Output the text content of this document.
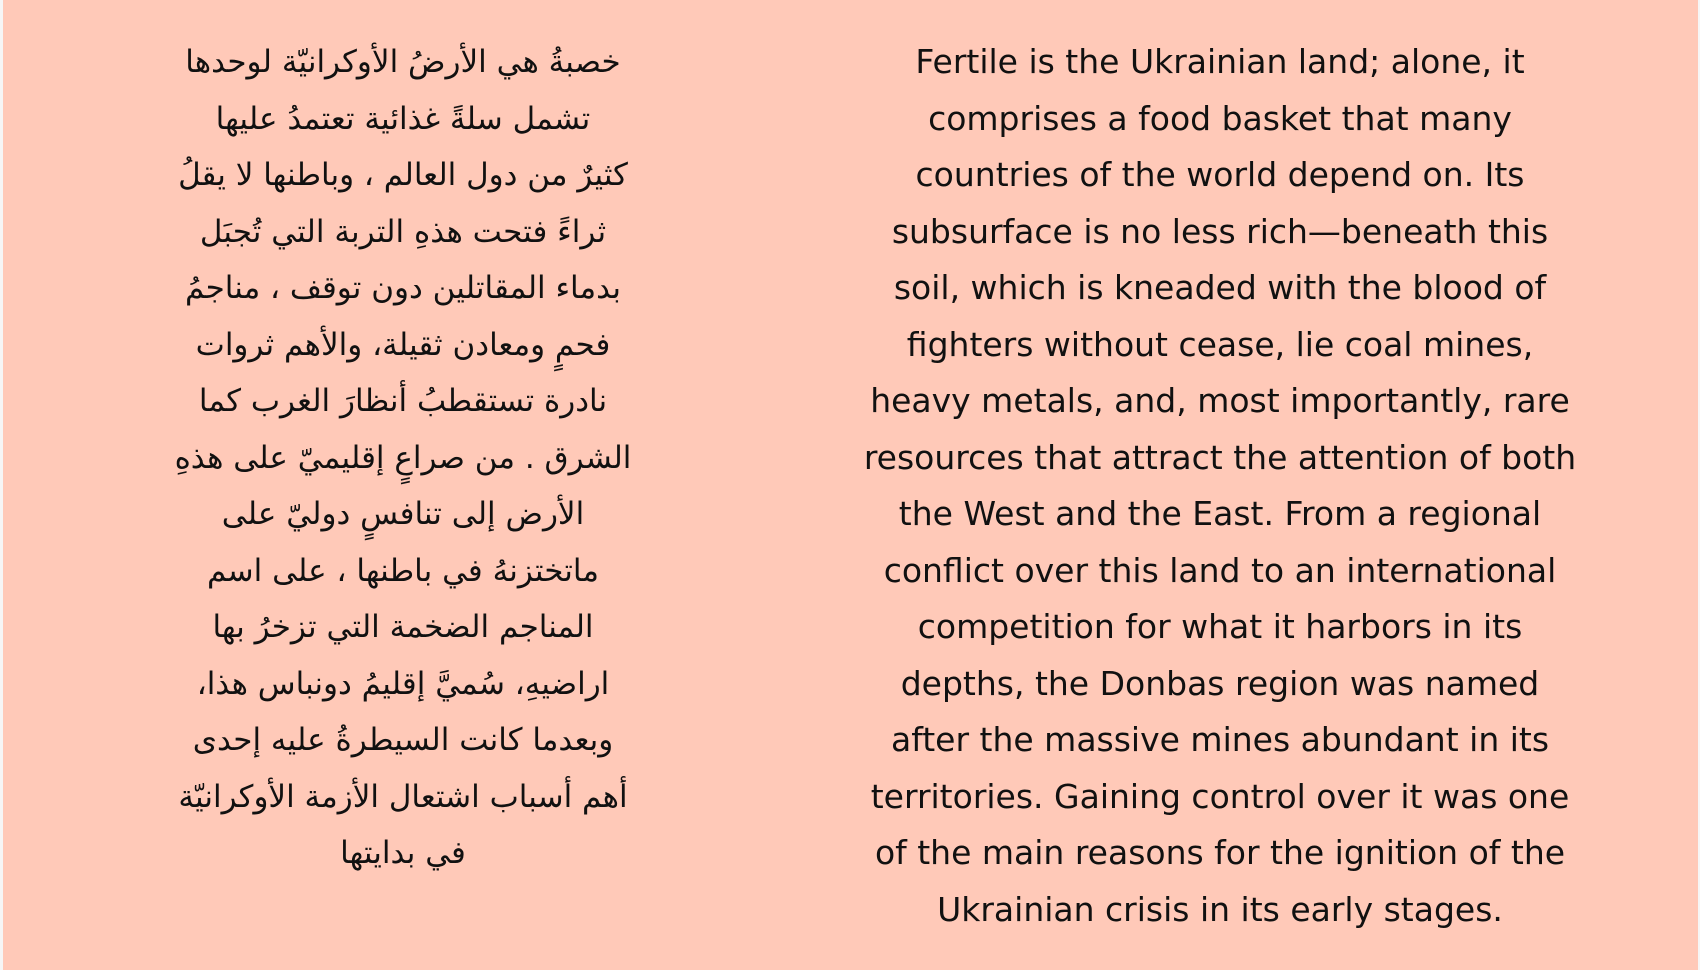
خصبةُ هي الأرضُ الأوكرانيّة لوحدها
تشمل سلةً غذائية تعتمدُ عليها
كثيرٌ من دول العالم ، وباطنها لا يقلُ
ثراءً فتحت هذهِ التربة التي تُجبَل
بدماء المقاتلين دون توقف ، مناجمُ
فحمٍ ومعادن ثقيلة، والأهم ثروات
نادرة تستقطبُ أنظارَ الغرب كما
الشرق . من صراعٍ إقليميّ على هذهِ
الأرض إلى تنافسٍ دوليّ على
ماتختزنهُ في باطنها ، على اسم
المناجم الضخمة التي تزخرُ بها
اراضيهِ، سُميَّ إقليمُ دونباس هذا،
وبعدما كانت السيطرةُ عليه إحدى
أهم أسباب اشتعال الأزمة الأوكرانيّة
في بدايتها
Fertile is the Ukrainian land; alone, it
comprises a food basket that many
countries of the world depend on. Its
subsurface is no less rich—beneath this
soil, which is kneaded with the blood of
fighters without cease, lie coal mines,
heavy metals, and, most importantly, rare
resources that attract the attention of both
the West and the East. From a regional
conflict over this land to an international
competition for what it harbors in its
depths, the Donbas region was named
after the massive mines abundant in its
territories. Gaining control over it was one
of the main reasons for the ignition of the
Ukrainian crisis in its early stages.
